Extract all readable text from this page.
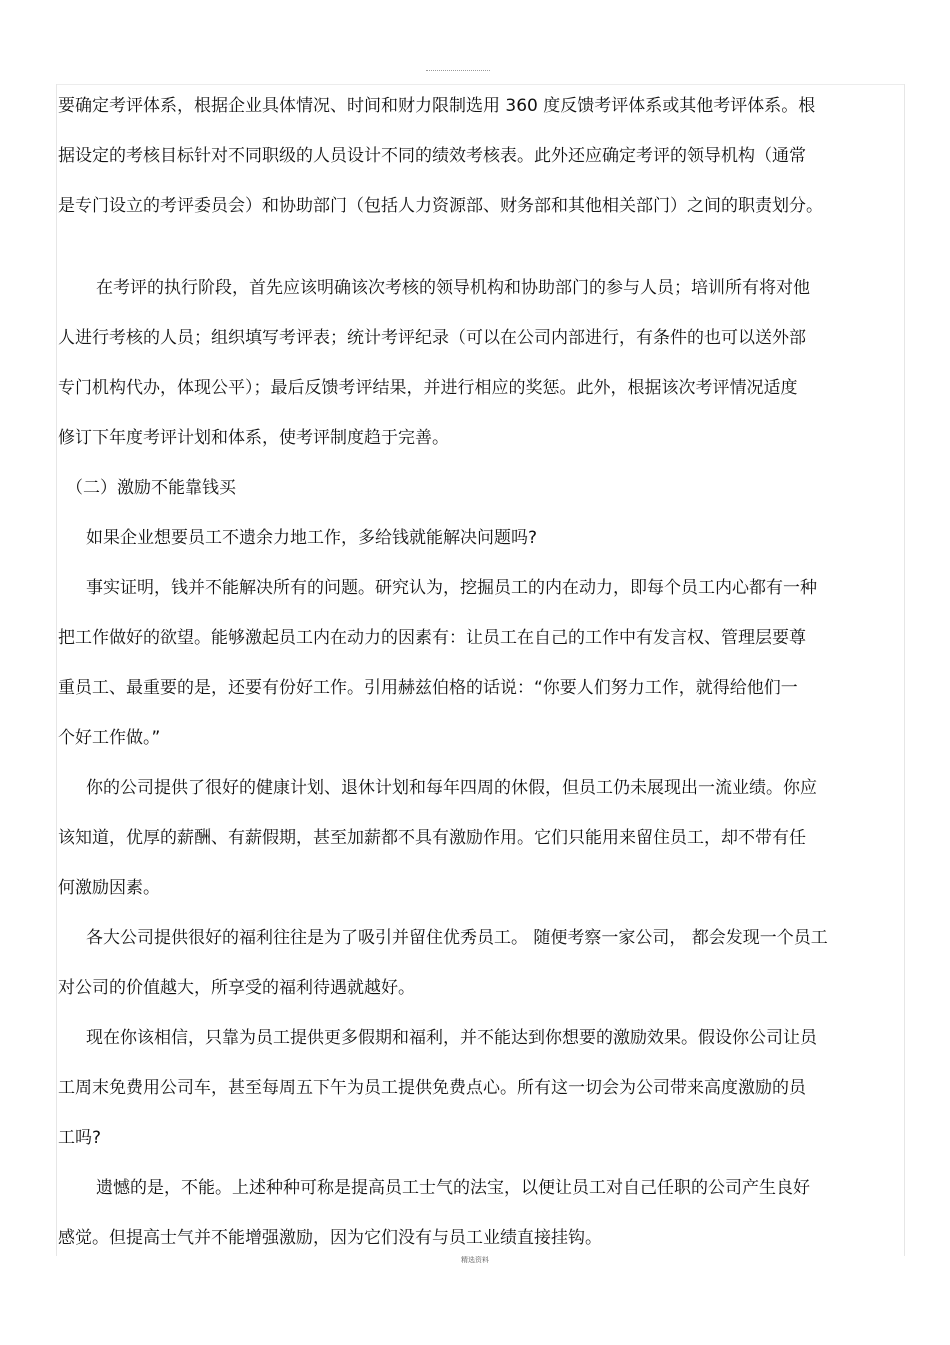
要确定考评体系，根据企业具体情况、时间和财力限制选用 360 度反馈考评体系或其他考评体系。根
据设定的考核目标针对不同职级的人员设计不同的绩效考核表。此外还应确定考评的领导机构（通常
是专门设立的考评委员会）和协助部门（包括人力资源部、财务部和其他相关部门）之间的职责划分。
在考评的执行阶段，首先应该明确该次考核的领导机构和协助部门的参与人员；培训所有将对他
人进行考核的人员；组织填写考评表；统计考评纪录（可以在公司内部进行，有条件的也可以送外部
专门机构代办，体现公平）；最后反馈考评结果，并进行相应的奖惩。此外，根据该次考评情况适度
修订下年度考评计划和体系，使考评制度趋于完善。
（二）激励不能靠钱买
如果企业想要员工不遗余力地工作，多给钱就能解决问题吗?
事实证明，钱并不能解决所有的问题。研究认为，挖掘员工的内在动力，即每个员工内心都有一种
把工作做好的欲望。能够激起员工内在动力的因素有：让员工在自己的工作中有发言权、管理层要尊
重员工、最重要的是，还要有份好工作。引用赫兹伯格的话说：“你要人们努力工作，就得给他们一
个好工作做。”
你的公司提供了很好的健康计划、退休计划和每年四周的休假，但员工仍未展现出一流业绩。你应
该知道，优厚的薪酬、有薪假期，甚至加薪都不具有激励作用。它们只能用来留住员工，却不带有任
何激励因素。
各大公司提供很好的福利往往是为了吸引并留住优秀员工。 随便考察一家公司， 都会发现一个员工
对公司的价值越大，所享受的福利待遇就越好。
现在你该相信，只靠为员工提供更多假期和福利，并不能达到你想要的激励效果。假设你公司让员
工周末免费用公司车，甚至每周五下午为员工提供免费点心。所有这一切会为公司带来高度激励的员
工吗?
遗憾的是，不能。上述种种可称是提高员工士气的法宝，以便让员工对自己任职的公司产生良好
感觉。但提高士气并不能增强激励，因为它们没有与员工业绩直接挂钩。
精选资料
